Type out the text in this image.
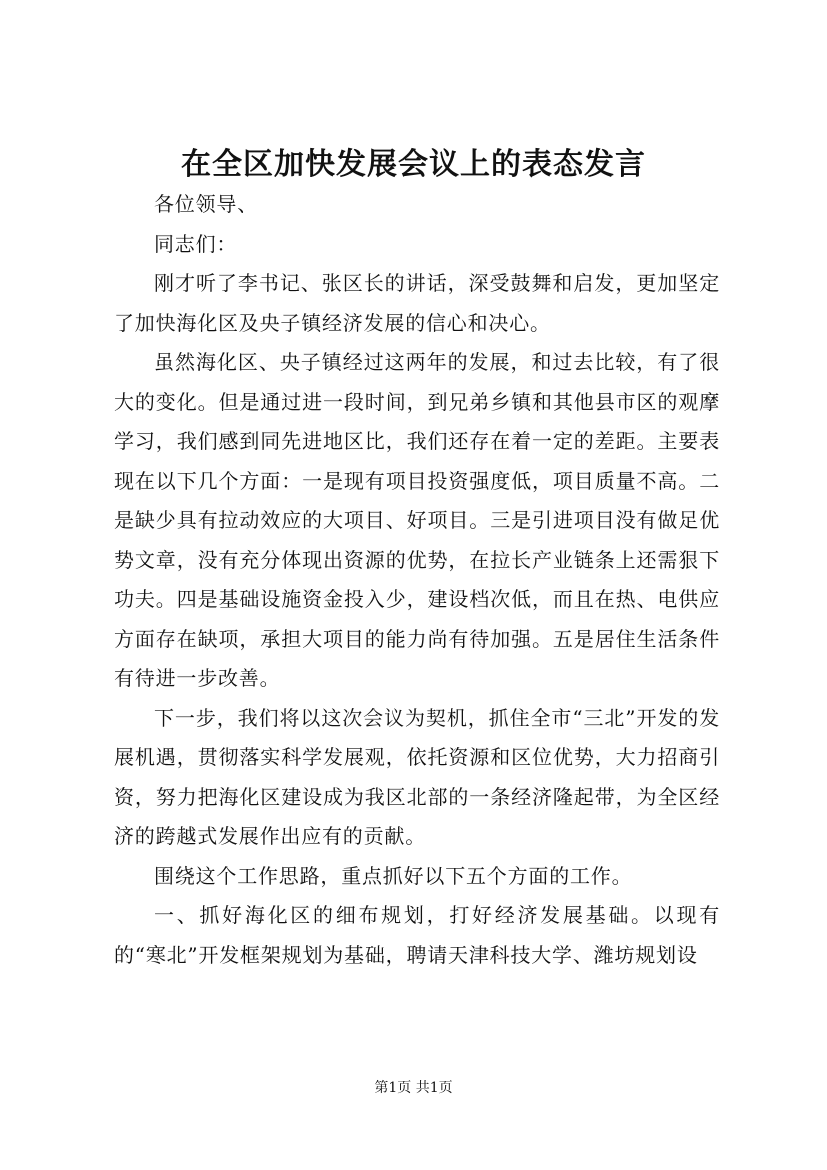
在全区加快发展会议上的表态发言

各位领导、

同志们：

刚才听了李书记、张区长的讲话，深受鼓舞和启发，更加坚定了加快海化区及央子镇经济发展的信心和决心。

虽然海化区、央子镇经过这两年的发展，和过去比较，有了很大的变化。但是通过进一段时间，到兄弟乡镇和其他县市区的观摩学习，我们感到同先进地区比，我们还存在着一定的差距。主要表现在以下几个方面：一是现有项目投资强度低，项目质量不高。二是缺少具有拉动效应的大项目、好项目。三是引进项目没有做足优势文章，没有充分体现出资源的优势，在拉长产业链条上还需狠下功夫。四是基础设施资金投入少，建设档次低，而且在热、电供应方面存在缺项，承担大项目的能力尚有待加强。五是居住生活条件有待进一步改善。

下一步，我们将以这次会议为契机，抓住全市“三北”开发的发展机遇，贯彻落实科学发展观，依托资源和区位优势，大力招商引资，努力把海化区建设成为我区北部的一条经济隆起带，为全区经济的跨越式发展作出应有的贡献。

围绕这个工作思路，重点抓好以下五个方面的工作。

一、抓好海化区的细布规划，打好经济发展基础。以现有的“寒北”开发框架规划为基础，聘请天津科技大学、潍坊规划设

第1页 共1页
